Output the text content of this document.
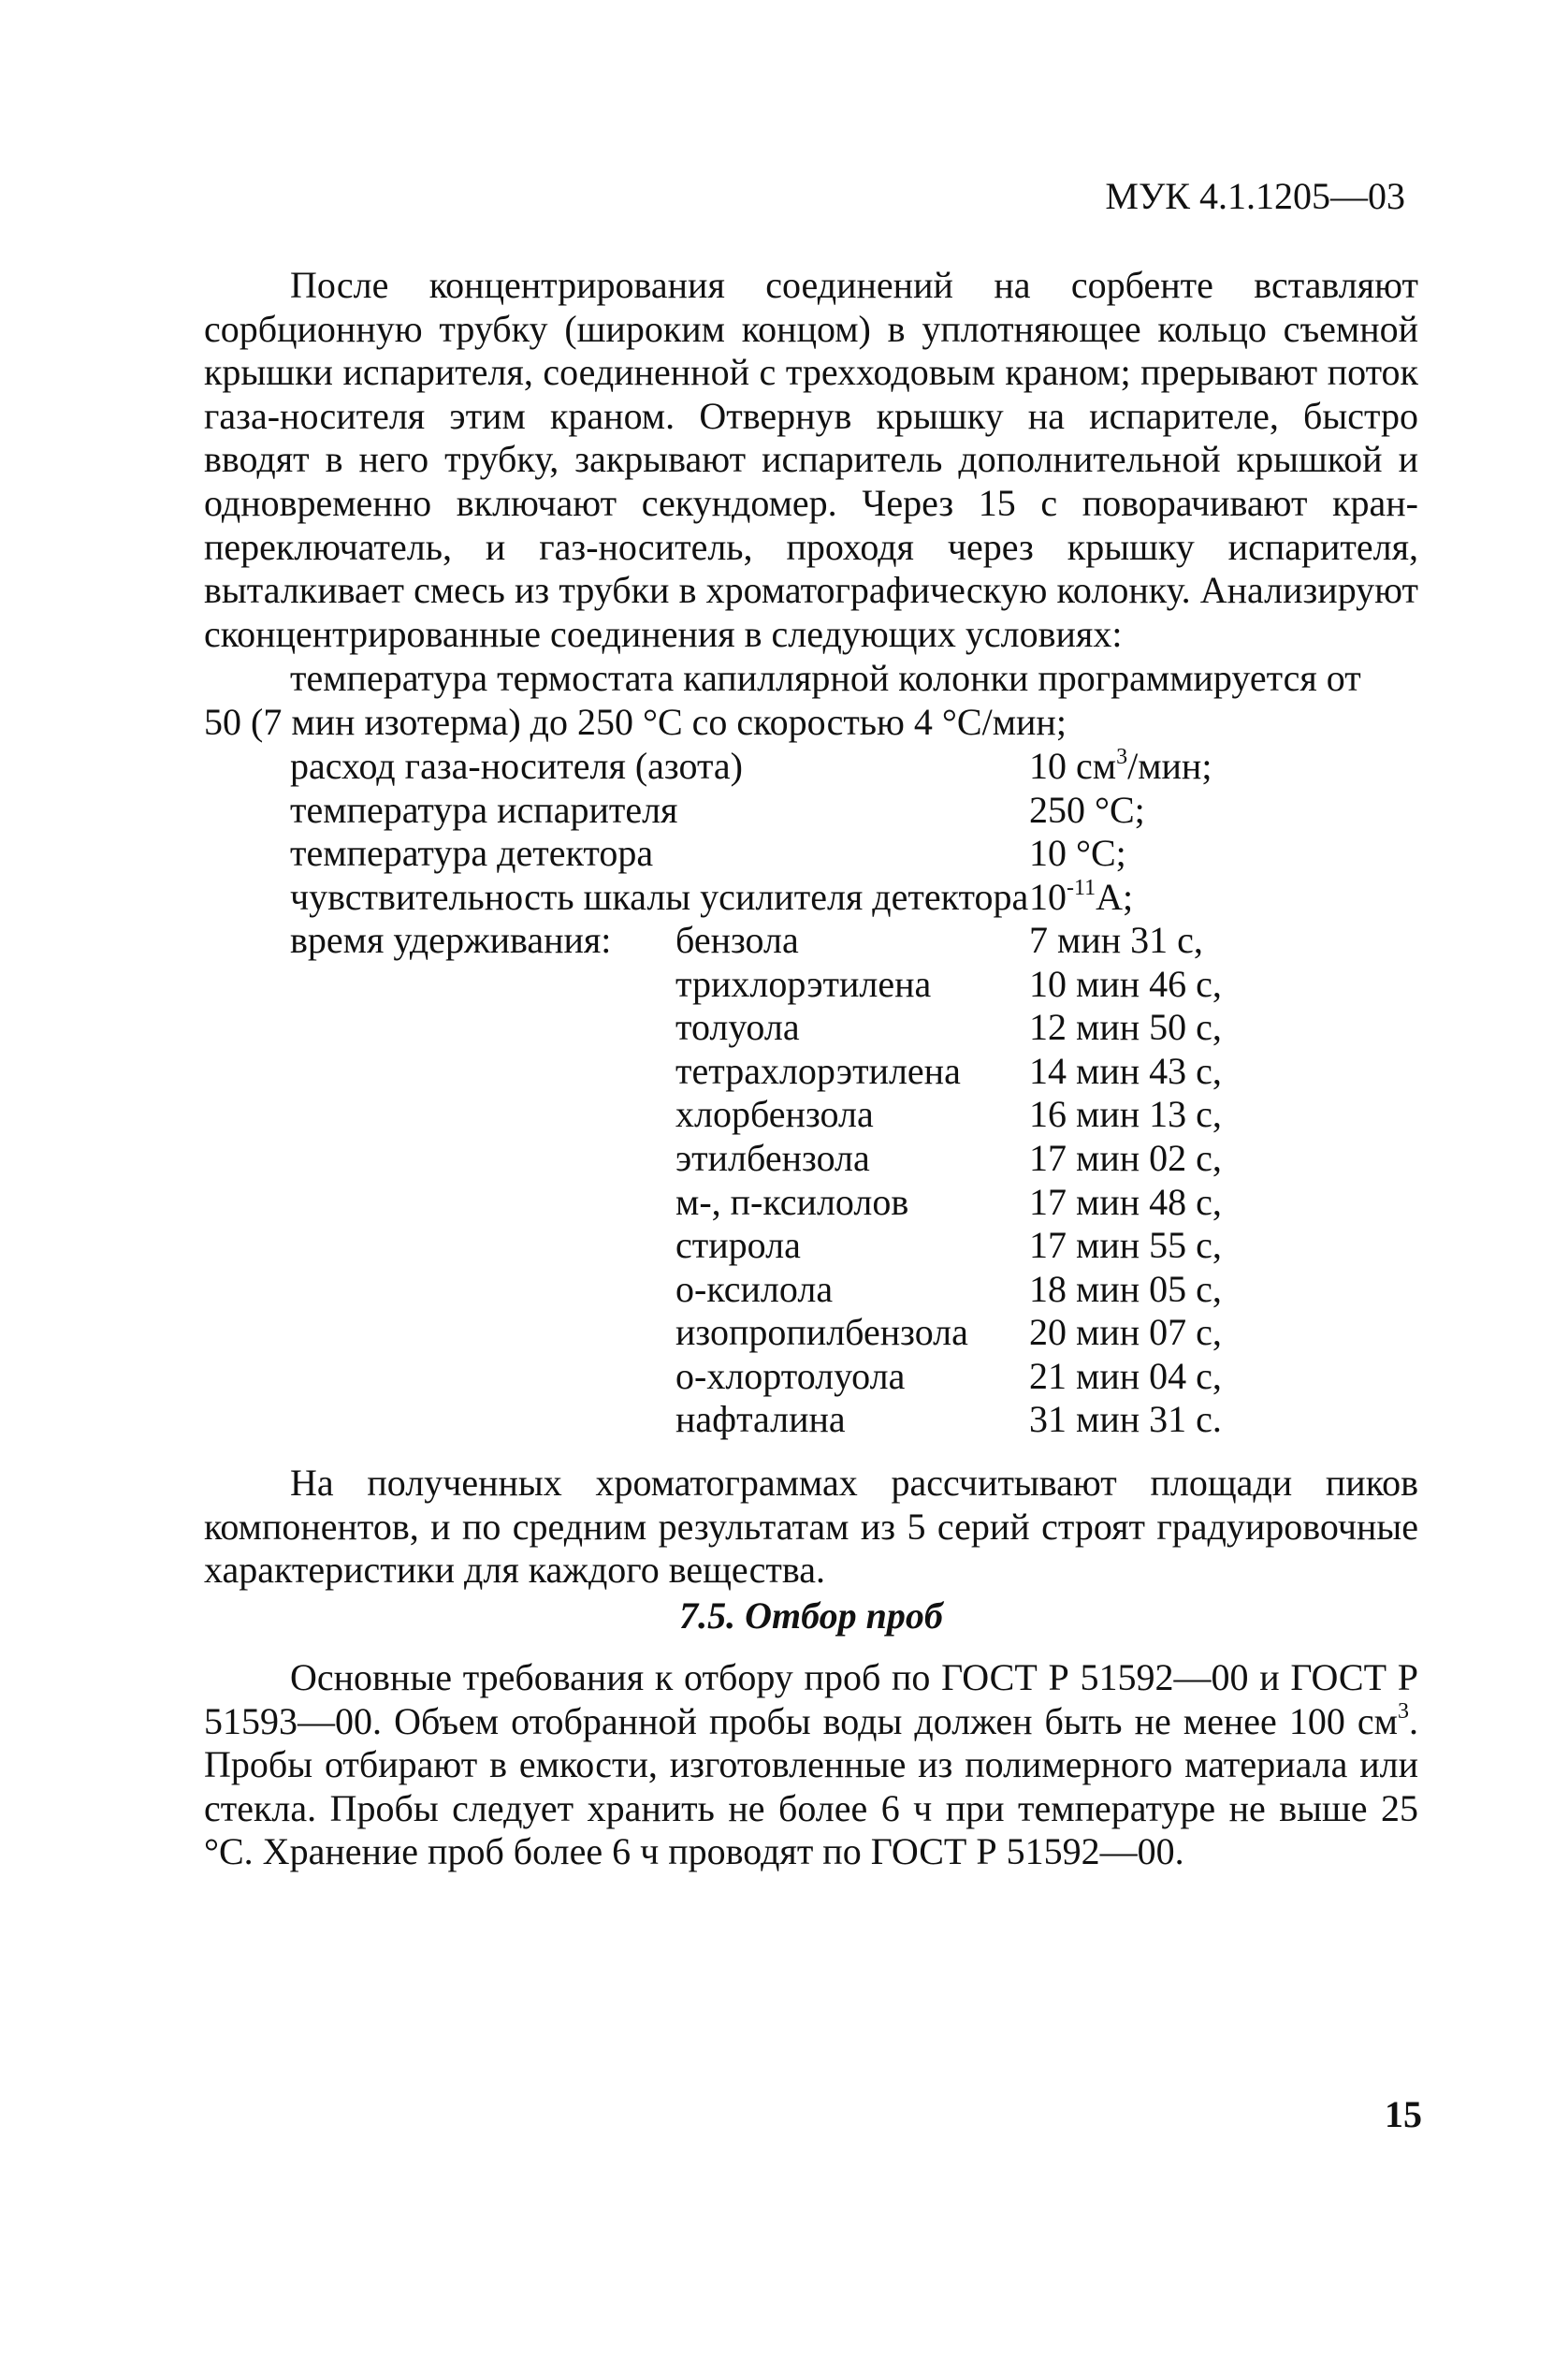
МУК 4.1.1205—03
После концентрирования соединений на сорбенте вставляют сорбционную трубку (широким концом) в уплотняющее кольцо съемной крышки испарителя, соединенной с трехходовым краном; прерывают поток газа-носителя этим краном. Отвернув крышку на испарителе, быстро вводят в него трубку, закрывают испаритель дополнительной крышкой и одновременно включают секундомер. Через 15 с поворачивают кран-переключатель, и газ-носитель, проходя через крышку испарителя, выталкивает смесь из трубки в хроматографическую колонку. Анализируют сконцентрированные соединения в следующих условиях:
температура термостата капиллярной колонки программируется от
50 (7 мин изотерма) до 250 °С со скоростью 4 °С/мин;
расход газа-носителя (азота)	10 $см^3$/мин;
температура испарителя	250 °С;
температура детектора	10 °С;
чувствительность шкалы усилителя детектора $10^{-11}А$;
время удерживания: бензола	7 мин 31 с,
трихлорэтилена	10 мин 46 с,
толуола	12 мин 50 с,
тетрахлорэтилена 14 мин 43 с,
хлорбензола	16 мин 13 с,
этилбензола	17 мин 02 с,
м-, п-ксилолов	17 мин 48 с,
стирола	17 мин 55 с,
о-ксилола	18 мин 05 с,
изопропилбензола 20 мин 07 с,
о-хлортолуола	21 мин 04 с,
нафталина	31 мин 31 с.
На полученных хроматограммах рассчитывают площади пиков компонентов, и по средним результатам из 5 серий строят градуировочные характеристики для каждого вещества.
7.5. Отбор проб
Основные требования к отбору проб по ГОСТ Р 51592—00 и ГОСТ Р 51593—00. Объем отобранной пробы воды должен быть не менее 100 $см^3$. Пробы отбирают в емкости, изготовленные из полимерного материала или стекла. Пробы следует хранить не более 6 ч при температуре не выше 25 °С. Хранение проб более 6 ч проводят по ГОСТ Р 51592—00.
15
